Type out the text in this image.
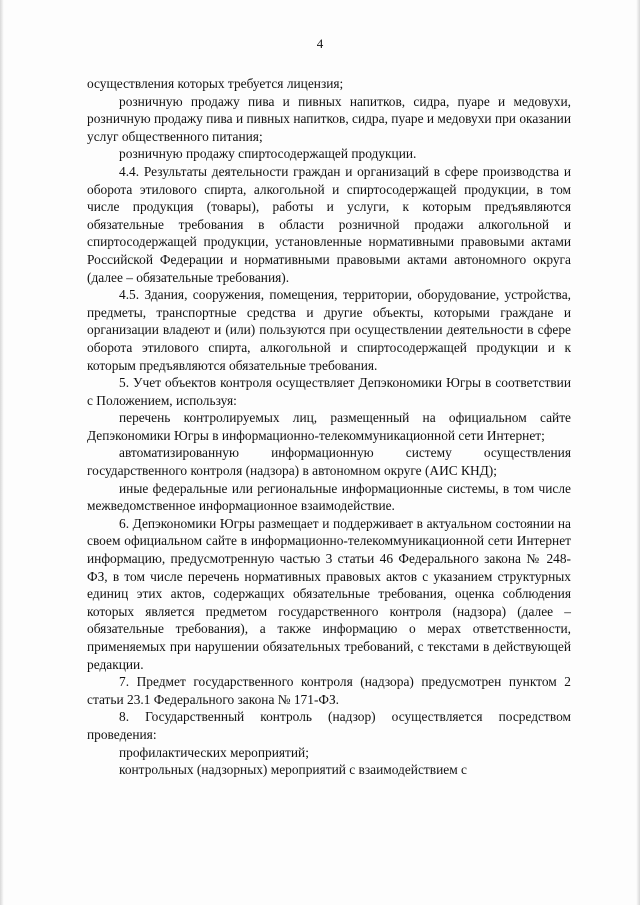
4

осуществления которых требуется лицензия;

розничную продажу пива и пивных напитков, сидра, пуаре и медовухи, розничную продажу пива и пивных напитков, сидра, пуаре и медовухи при оказании услуг общественного питания;

розничную продажу спиртосодержащей продукции.

4.4. Результаты деятельности граждан и организаций в сфере производства и оборота этилового спирта, алкогольной и спиртосодержащей продукции, в том числе продукция (товары), работы и услуги, к которым предъявляются обязательные требования в области розничной продажи алкогольной и спиртосодержащей продукции, установленные нормативными правовыми актами Российской Федерации и нормативными правовыми актами автономного округа (далее – обязательные требования).

4.5. Здания, сооружения, помещения, территории, оборудование, устройства, предметы, транспортные средства и другие объекты, которыми граждане и организации владеют и (или) пользуются при осуществлении деятельности в сфере оборота этилового спирта, алкогольной и спиртосодержащей продукции и к которым предъявляются обязательные требования.

5. Учет объектов контроля осуществляет Депэкономики Югры в соответствии с Положением, используя:

перечень контролируемых лиц, размещенный на официальном сайте Депэкономики Югры в информационно-телекоммуникационной сети Интернет;

автоматизированную информационную систему осуществления государственного контроля (надзора) в автономном округе (АИС КНД);

иные федеральные или региональные информационные системы, в том числе межведомственное информационное взаимодействие.

6. Депэкономики Югры размещает и поддерживает в актуальном состоянии на своем официальном сайте в информационно-телекоммуникационной сети Интернет информацию, предусмотренную частью 3 статьи 46 Федерального закона № 248-ФЗ, в том числе перечень нормативных правовых актов с указанием структурных единиц этих актов, содержащих обязательные требования, оценка соблюдения которых является предметом государственного контроля (надзора) (далее – обязательные требования), а также информацию о мерах ответственности, применяемых при нарушении обязательных требований, с текстами в действующей редакции.

7. Предмет государственного контроля (надзора) предусмотрен пунктом 2 статьи 23.1 Федерального закона № 171-ФЗ.

8. Государственный контроль (надзор) осуществляется посредством проведения:

профилактических мероприятий;

контрольных (надзорных) мероприятий с взаимодействием с
